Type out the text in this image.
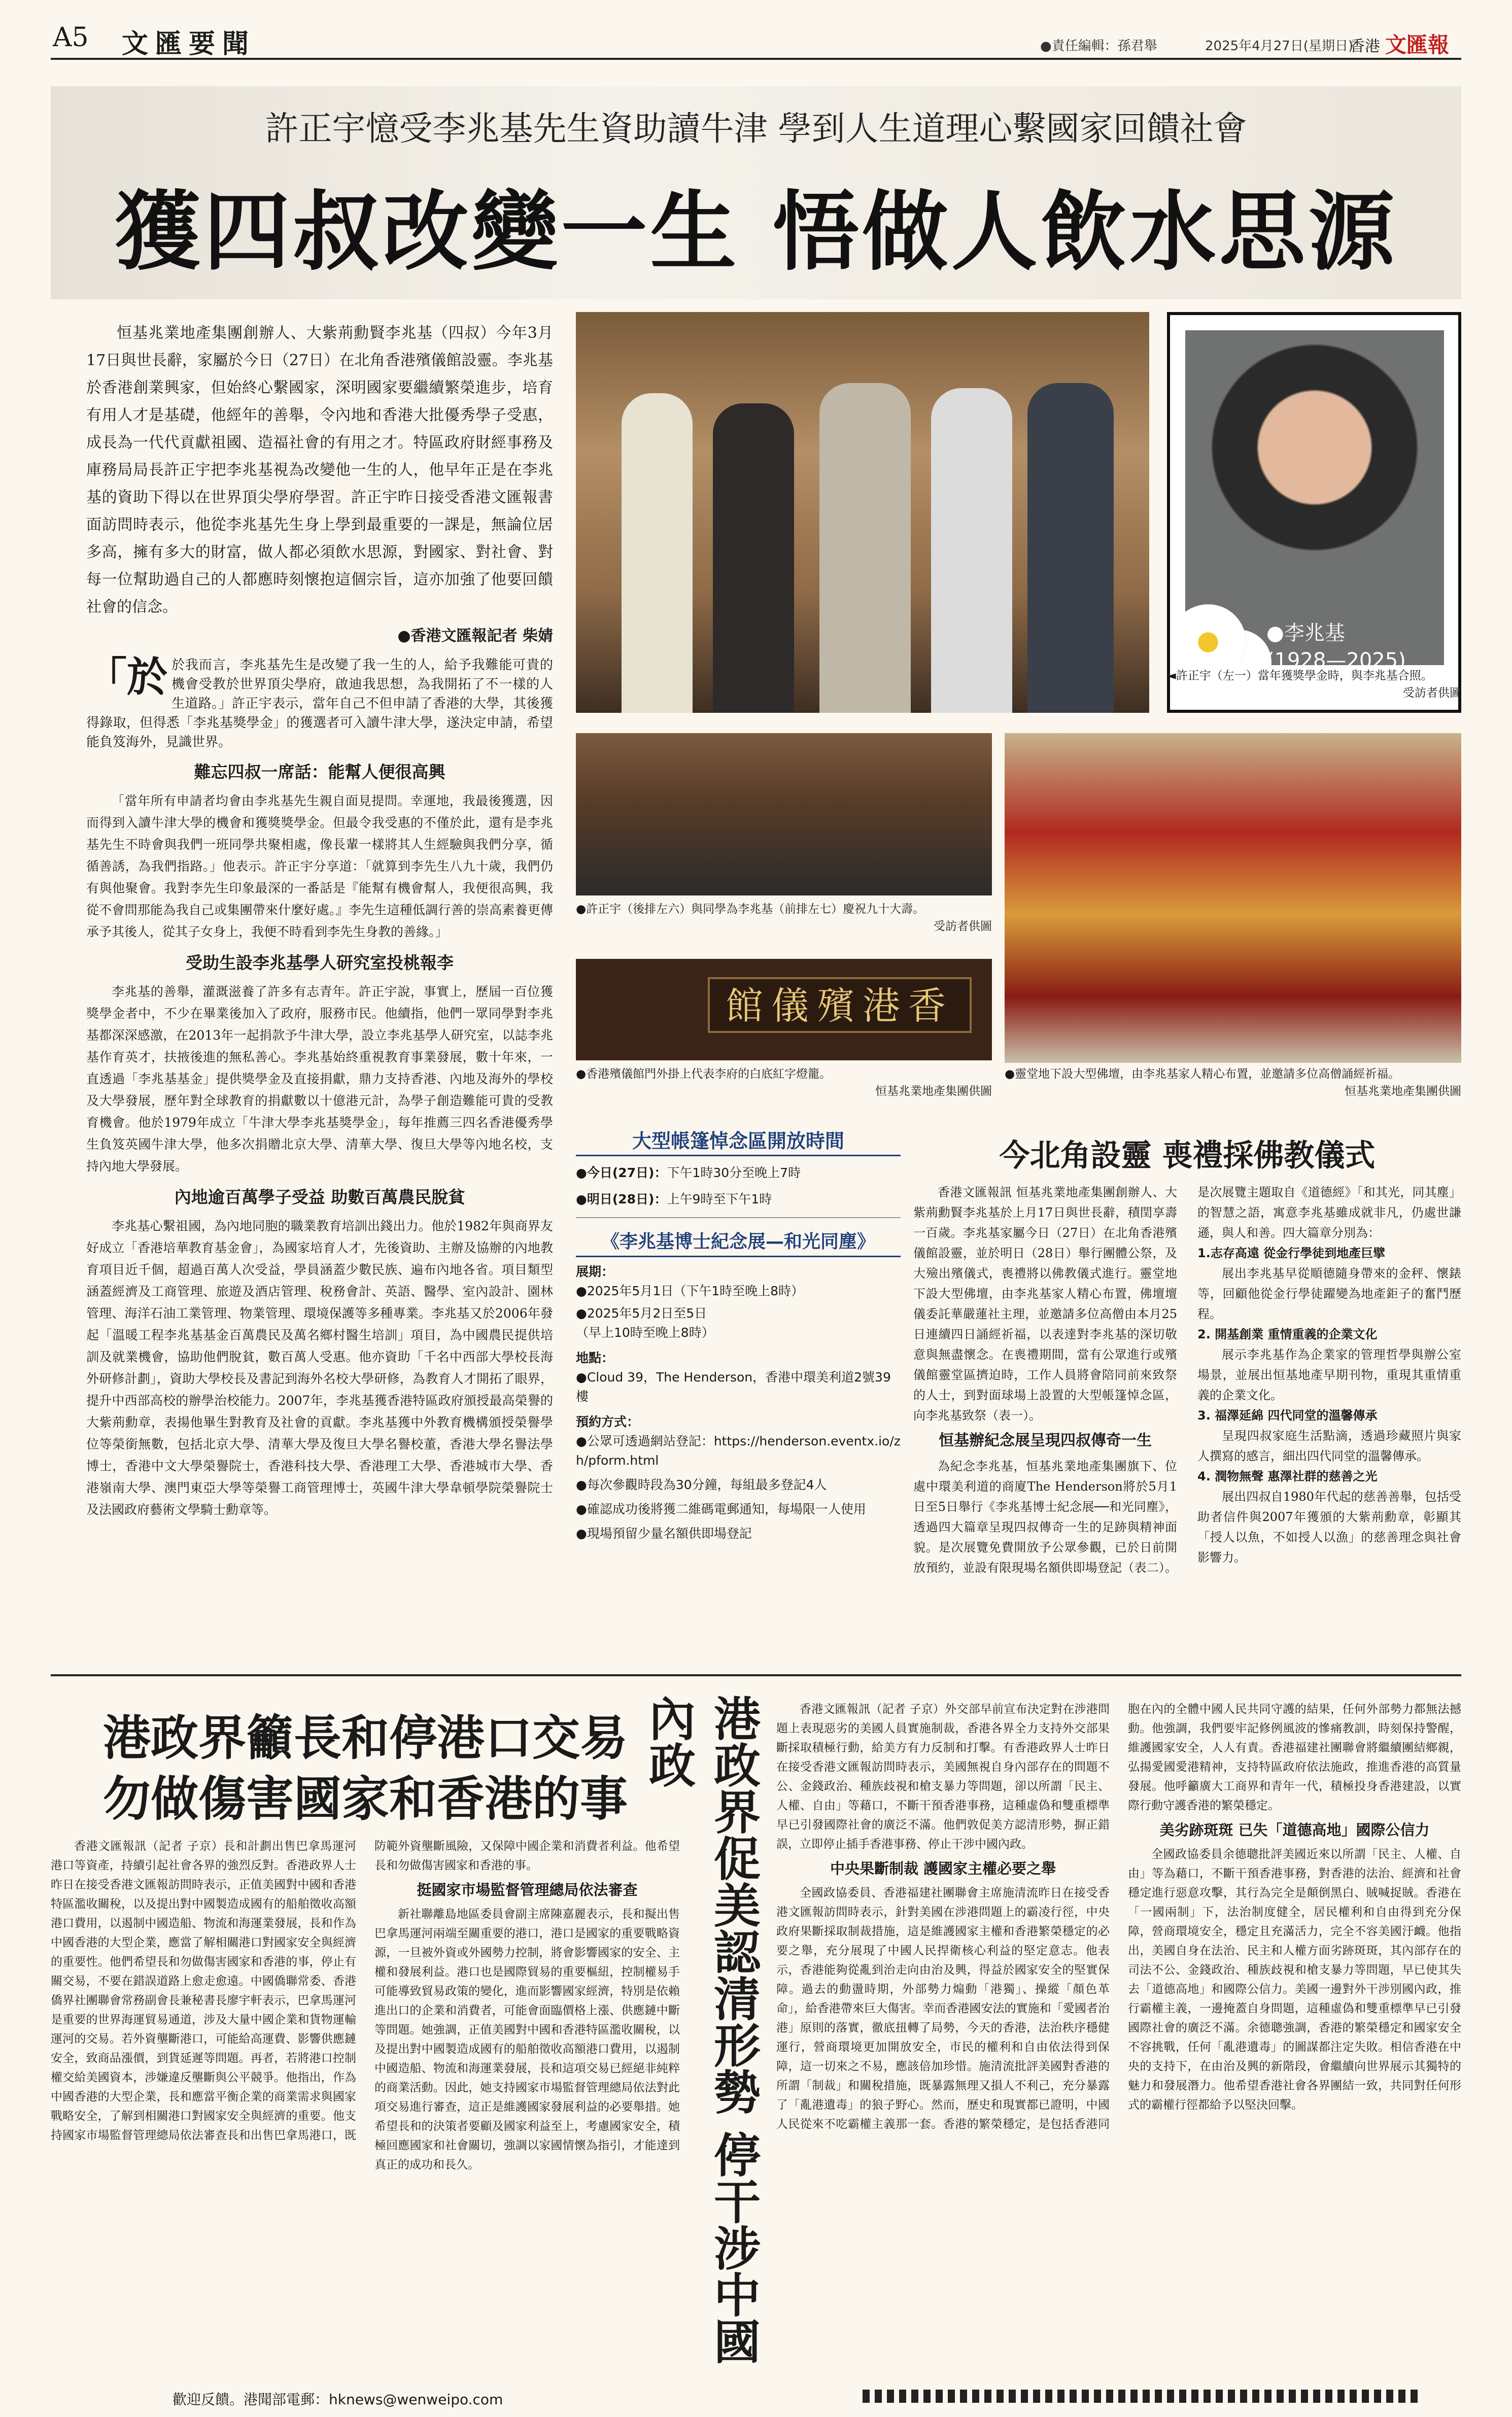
A5 文匯要聞	●責任編輯：孫君舉	2025年4月27日(星期日)
香港 文匯報
許正宇憶受李兆基先生資助讀牛津 學到人生道理心繫國家回饋社會
獲四叔改變一生 悟做人飲水思源
恒基兆業地產集團創辦人、大紫荊勳賢李兆基（四叔）今年3月17日與世長辭，家屬於今日（27日）在北角香港殯儀館設靈。李兆基於香港創業興家，但始終心繫國家，深明國家要繼續繁榮進步，培育有用人才是基礎，他經年的善舉，令內地和香港大批優秀學子受惠，成長為一代代貢獻祖國、造福社會的有用之才。特區政府財經事務及庫務局局長許正宇把李兆基視為改變他一生的人，他早年正是在李兆基的資助下得以在世界頂尖學府學習。許正宇昨日接受香港文匯報書面訪問時表示，他從李兆基先生身上學到最重要的一課是，無論位居多高，擁有多大的財富，做人都必須飲水思源，對國家、對社會、對每一位幫助過自己的人都應時刻懷抱這個宗旨，這亦加強了他要回饋社會的信念。
●香港文匯報記者 柴婧
「於 於我而言，李兆基先生是改變了我一生的人，給予我難能可貴的機會受教於世界頂尖學府，啟迪我思想，為我開拓了不一樣的人生道路。」許正宇表示，當年自己不但申請了香港的大學，其後獲得錄取，但得悉「李兆基獎學金」的獲選者可入讀牛津大學，遂決定申請，希望能負笈海外，見識世界。
難忘四叔一席話：能幫人便很高興

「當年所有申請者均會由李兆基先生親自面見提問。幸運地，我最後獲選，因而得到入讀牛津大學的機會和獲獎獎學金。但最令我受惠的不僅於此，還有是李兆基先生不時會與我們一班同學共聚相處，像長輩一樣將其人生經驗與我們分享，循循善誘，為我們指路。」他表示。許正宇分享道：「就算到李先生八九十歲，我們仍有與他聚會。我對李先生印象最深的一番話是『能幫有機會幫人，我便很高興，我從不會問那能為我自己或集團帶來什麼好處。』李先生這種低調行善的崇高素養更傳承予其後人，從其子女身上，我便不時看到李先生身教的善緣。」

受助生設李兆基學人研究室投桃報李

李兆基的善舉，灌溉滋養了許多有志青年。許正宇說，事實上，歷屆一百位獲獎學金者中，不少在畢業後加入了政府，服務市民。他續指，他們一眾同學對李兆基都深深感激，在2013年一起捐款予牛津大學，設立李兆基學人研究室，以誌李兆基作育英才，扶掖後進的無私善心。李兆基始終重視教育事業發展，數十年來，一直透過「李兆基基金」提供獎學金及直接捐獻，鼎力支持香港、內地及海外的學校及大學發展，歷年對全球教育的捐獻數以十億港元計，為學子創造難能可貴的受教育機會。他於1979年成立「牛津大學李兆基獎學金」，每年推薦三四名香港優秀學生負笈英國牛津大學，他多次捐贈北京大學、清華大學、復旦大學等內地名校，支持內地大學發展。

內地逾百萬學子受益 助數百萬農民脫貧

李兆基心繫祖國，為內地同胞的職業教育培訓出錢出力。他於1982年與商界友好成立「香港培華教育基金會」，為國家培育人才，先後資助、主辦及協辦的內地教育項目近千個，超過百萬人次受益，學員涵蓋少數民族、遍布內地各省。項目類型涵蓋經濟及工商管理、旅遊及酒店管理、稅務會計、英語、醫學、室內設計、園林管理、海洋石油工業管理、物業管理、環境保護等多種專業。李兆基又於2006年發起「溫暖工程李兆基基金百萬農民及萬名鄉村醫生培訓」項目，為中國農民提供培訓及就業機會，協助他們脫貧，數百萬人受惠。他亦資助「千名中西部大學校長海外研修計劃」，資助大學校長及書記到海外名校大學研修，為教育人才開拓了眼界，提升中西部高校的辦學治校能力。2007年，李兆基獲香港特區政府頒授最高榮譽的大紫荊勳章，表揚他畢生對教育及社會的貢獻。李兆基獲中外教育機構頒授榮譽學位等榮銜無數，包括北京大學、清華大學及復旦大學名譽校董，香港大學名譽法學博士，香港中文大學榮譽院士，香港科技大學、香港理工大學、香港城市大學、香港嶺南大學、澳門東亞大學等榮譽工商管理博士，英國牛津大學韋頓學院榮譽院士及法國政府藝術文學騎士勳章等。

●李兆基
(1928—2025)
◄許正宇（左一）當年獲獎學金時，與李兆基合照。
受訪者供圖
●許正宇（後排左六）與同學為李兆基（前排左七）慶祝九十大壽。
受訪者供圖
館儀殯港香
●香港殯儀館門外掛上代表李府的白底紅字燈籠。
恒基兆業地產集團供圖
●靈堂地下設大型佛壇，由李兆基家人精心布置，並邀請多位高僧誦經祈福。
恒基兆業地產集團供圖
大型帳篷悼念區開放時間
●今日(27日)：下午1時30分至晚上7時
●明日(28日)：上午9時至下午1時
《李兆基博士紀念展—和光同塵》
展期：
●2025年5月1日（下午1時至晚上8時）
●2025年5月2日至5日
（早上10時至晚上8時）
地點：
●Cloud 39，The Henderson，香港中環美利道2號39樓
預約方式：
●公眾可透過網站登記：https://henderson.eventx.io/zh/pform.html
●每次參觀時段為30分鐘，每組最多登記4人
●確認成功後將獲二維碼電郵通知，每場限一人使用
●現場預留少量名額供即場登記
今北角設靈 喪禮採佛教儀式

香港文匯報訊 恒基兆業地產集團創辦人、大紫荊勳賢李兆基於上月17日與世長辭，積閏享壽一百歲。李兆基家屬今日（27日）在北角香港殯儀館設靈，並於明日（28日）舉行團體公祭，及大殮出殯儀式，喪禮將以佛教儀式進行。靈堂地下設大型佛壇，由李兆基家人精心布置，佛壇壇儀委託華嚴蓮社主理，並邀請多位高僧由本月25日連續四日誦經祈福，以表達對李兆基的深切敬意與無盡懷念。在喪禮期間，當有公眾進行或殯儀館靈堂區擠迫時，工作人員將會陪同前來致祭的人士，到對面球場上設置的大型帳篷悼念區，向李兆基致祭（表一）。

恒基辦紀念展呈現四叔傳奇一生

為紀念李兆基，恒基兆業地產集團旗下、位處中環美利道的商廈The Henderson將於5月1日至5日舉行《李兆基博士紀念展──和光同塵》，透過四大篇章呈現四叔傳奇一生的足跡與精神面貌。是次展覽免費開放予公眾參觀，已於日前開放預約，並設有限現場名額供即場登記（表二）。是次展覽主題取自《道德經》「和其光，同其塵」的智慧之語，寓意李兆基雖成就非凡，仍處世謙遜，與人和善。四大篇章分別為：

1.志存高遠 從金行學徒到地產巨擘
展出李兆基早從順德隨身帶來的金秤、懷錶等，回顧他從金行學徒躍變為地產鉅子的奮鬥歷程。
2. 開基創業 重情重義的企業文化
展示李兆基作為企業家的管理哲學與辦公室場景，並展出恒基地產早期刊物，重現其重情重義的企業文化。
3. 福澤延綿 四代同堂的溫馨傳承
呈現四叔家庭生活點滴，透過珍藏照片與家人撰寫的感言，細出四代同堂的溫馨傳承。
4. 潤物無聲 惠澤社群的慈善之光
展出四叔自1980年代起的慈善善舉，包括受助者信件與2007年獲頒的大紫荊勳章，彰顯其「授人以魚，不如授人以漁」的慈善理念與社會影響力。
港政界籲長和停港口交易
勿做傷害國家和香港的事

香港文匯報訊（記者 子京）長和計劃出售巴拿馬運河港口等資產，持續引起社會各界的強烈反對。香港政界人士昨日在接受香港文匯報訪問時表示，正值美國對中國和香港特區濫收關稅，以及提出對中國製造成國有的船舶徵收高額港口費用，以遏制中國造船、物流和海運業發展，長和作為中國香港的大型企業，應當了解相關港口對國家安全與經濟的重要性。他們希望長和勿做傷害國家和香港的事，停止有關交易，不要在錯誤道路上愈走愈遠。中國僑聯常委、香港僑界社團聯會常務副會長兼秘書長廖宇軒表示，巴拿馬運河是重要的世界海運貿易通道，涉及大量中國企業和貨物運輸運河的交易。若外資壟斷港口，可能給高運費、影響供應鏈安全，致商品漲價，到貨延遲等問題。再者，若將港口控制權交給美國資本，涉嫌違反壟斷與公平競爭。他指出，作為中國香港的大型企業，長和應當平衡企業的商業需求與國家戰略安全，了解到相關港口對國家安全與經濟的重要。他支持國家市場監督管理總局依法審查長和出售巴拿馬港口，既防範外資壟斷風險，又保障中國企業和消費者利益。他希望長和勿做傷害國家和香港的事。

挺國家市場監督管理總局依法審查

新社聯離島地區委員會副主席陳嘉麗表示，長和擬出售巴拿馬運河兩端至關重要的港口，港口是國家的重要戰略資源，一旦被外資或外國勢力控制，將會影響國家的安全、主權和發展利益。港口也是國際貿易的重要樞紐，控制權易手可能導致貿易政策的變化，進而影響國家經濟，特別是依賴進出口的企業和消費者，可能會面臨價格上漲、供應鏈中斷等問題。她強調，正值美國對中國和香港特區濫收關稅，以及提出對中國製造成國有的船舶徵收高額港口費用，以遏制中國造船、物流和海運業發展，長和這項交易已經絕非純粹的商業活動。因此，她支持國家市場監督管理總局依法對此項交易進行審查，這正是維護國家發展利益的必要舉措。她希望長和的決策者要顧及國家利益至上，考慮國家安全，積極回應國家和社會關切，強調以家國情懷為指引，才能達到真正的成功和長久。	港政界促美認清形勢 停干涉中國內政	香港文匯報訊（記者 子京）外交部早前宣布決定對在涉港問題上表現惡劣的美國人員實施制裁，香港各界全力支持外交部果斷採取積極行動，給美方有力反制和打擊。有香港政界人士昨日在接受香港文匯報訪問時表示，美國無視自身內部存在的問題不公、金錢政治、種族歧視和槍支暴力等問題，卻以所謂「民主、人權、自由」等藉口，不斷干預香港事務，這種虛偽和雙重標準早已引發國際社會的廣泛不滿。他們敦促美方認清形勢，摒正錯誤，立即停止插手香港事務、停止干涉中國內政。

中央果斷制裁 護國家主權必要之舉

全國政協委員、香港福建社團聯會主席施清流昨日在接受香港文匯報訪問時表示，針對美國在涉港問題上的霸凌行徑，中央政府果斷採取制裁措施，這是維護國家主權和香港繁榮穩定的必要之舉，充分展現了中國人民捍衛核心利益的堅定意志。他表示，香港能夠從亂到治走向由治及興，得益於國家安全的堅實保障。過去的動盪時期，外部勢力煽動「港獨」、操縱「顏色革命」，給香港帶來巨大傷害。幸而香港國安法的實施和「愛國者治港」原則的落實，徹底扭轉了局勢，今天的香港，法治秩序穩健運行，營商環境更加開放安全，市民的權利和自由依法得到保障，這一切來之不易，應該倍加珍惜。施清流批評美國對香港的所謂「制裁」和關稅措施，既暴露無理又損人不利己，充分暴露了「亂港遺毒」的狼子野心。然而，歷史和現實都已證明，中國人民從來不吃霸權主義那一套。香港的繁榮穩定，是包括香港同胞在內的全體中國人民共同守護的結果，任何外部勢力都無法撼動。他強調，我們要牢記修例風波的慘痛教訓，時刻保持警醒，維護國家安全，人人有責。香港福建社團聯會將繼續團結鄉親，弘揚愛國愛港精神，支持特區政府依法施政，推進香港的高質量發展。他呼籲廣大工商界和青年一代，積極投身香港建設，以實際行動守護香港的繁榮穩定。

美劣跡斑斑 已失「道德高地」國際公信力

全國政協委員余德聰批評美國近來以所謂「民主、人權、自由」等為藉口，不斷干預香港事務，對香港的法治、經濟和社會穩定進行惡意攻擊，其行為完全是顛倒黑白、賊喊捉賊。香港在「一國兩制」下，法治制度健全，居民權利和自由得到充分保障，營商環境安全，穩定且充滿活力，完全不容美國汙衊。他指出，美國自身在法治、民主和人權方面劣跡斑斑，其內部存在的司法不公、金錢政治、種族歧視和槍支暴力等問題，早已使其失去「道德高地」和國際公信力。美國一邊對外干涉別國內政，推行霸權主義，一邊掩蓋自身問題，這種虛偽和雙重標準早已引發國際社會的廣泛不滿。余德聰強調，香港的繁榮穩定和國家安全不容挑戰，任何「亂港遺毒」的圖謀都注定失敗。相信香港在中央的支持下，在由治及興的新階段，會繼續向世界展示其獨特的魅力和發展潛力。他希望香港社會各界團結一致，共同對任何形式的霸權行徑都給予以堅決回擊。

歡迎反饋。港聞部電郵：hknews@wenweipo.com
